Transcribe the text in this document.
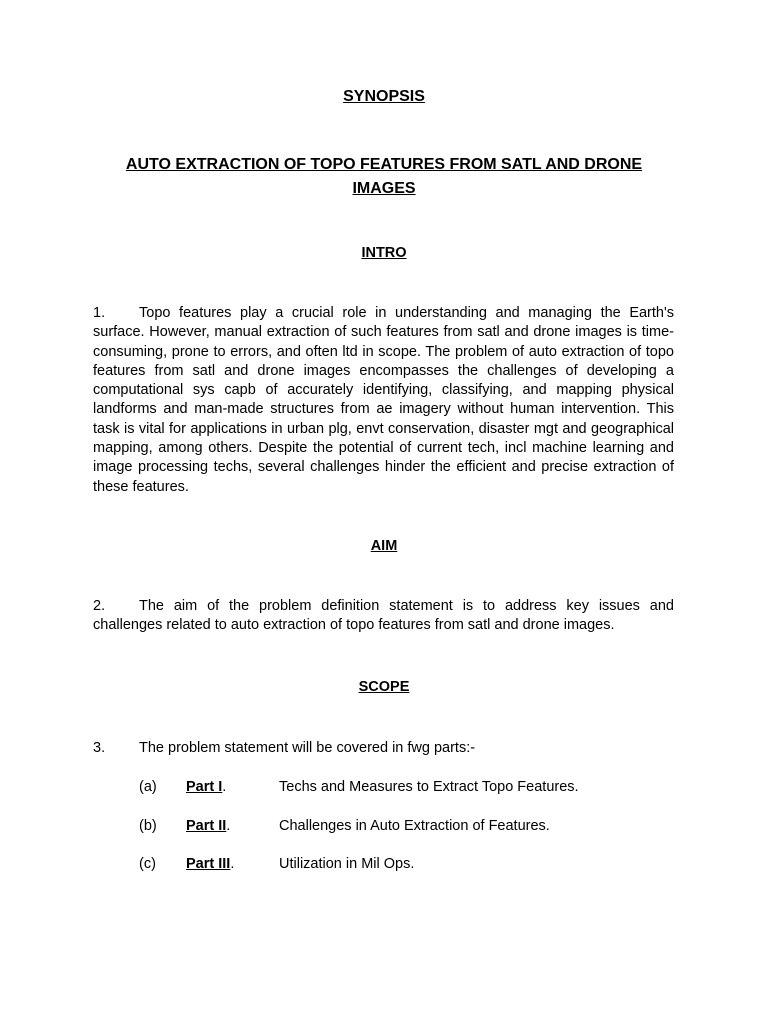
SYNOPSIS
AUTO EXTRACTION OF TOPO FEATURES FROM SATL AND DRONE IMAGES
INTRO

1. Topo features play a crucial role in understanding and managing the Earth's surface. However, manual extraction of such features from satl and drone images is time-consuming, prone to errors, and often ltd in scope. The problem of auto extraction of topo features from satl and drone images encompasses the challenges of developing a computational sys capb of accurately identifying, classifying, and mapping physical landforms and man-made structures from ae imagery without human intervention. This task is vital for applications in urban plg, envt conservation, disaster mgt and geographical mapping, among others. Despite the potential of current tech, incl machine learning and image processing techs, several challenges hinder the efficient and precise extraction of these features.

AIM

2. The aim of the problem definition statement is to address key issues and challenges related to auto extraction of topo features from satl and drone images.

SCOPE

3. The problem statement will be covered in fwg parts:-

(a) Part I.	Techs and Measures to Extract Topo Features.
(b) Part II.	Challenges in Auto Extraction of Features.
(c) Part III.	Utilization in Mil Ops.
